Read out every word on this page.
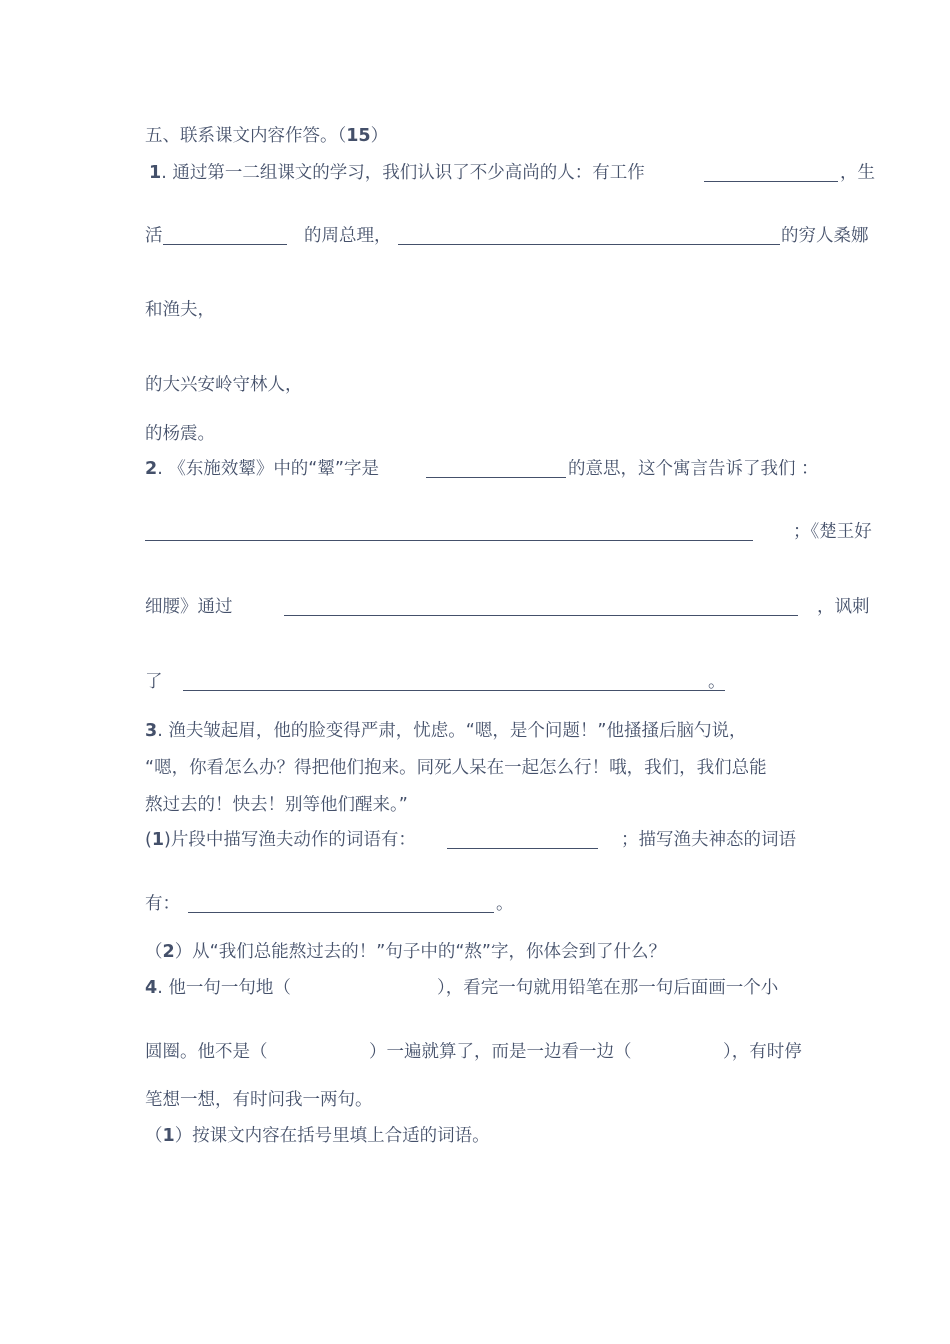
五、联系课文内容作答。（15）
1. 通过第一二组课文的学习，我们认识了不少高尚的人：有工作	，生
活	的周总理，	的穷人桑娜
和渔夫，
的大兴安岭守林人，
的杨震。
2. 《东施效颦》中的“颦”字是	的意思，这个寓言告诉了我们 ：
；《楚王好
细腰》通过	，讽刺
了	。
3. 渔夫皱起眉，他的脸变得严肃，忧虑。“嗯，是个问题！”他搔搔后脑勺说，
“嗯，你看怎么办？得把他们抱来。同死人呆在一起怎么行！哦，我们，我们总能
熬过去的！快去！别等他们醒来。”
(1)片段中描写渔夫动作的词语有：	；描写渔夫神态的词语
有：	。
（2）从“我们总能熬过去的！”句子中的“熬”字，你体会到了什么？
4. 他一句一句地（	），看完一句就用铅笔在那一句后面画一个小
圆圈。他不是（	）一遍就算了，而是一边看一边（	），有时停
笔想一想，有时问我一两句。
（1）按课文内容在括号里填上合适的词语。
